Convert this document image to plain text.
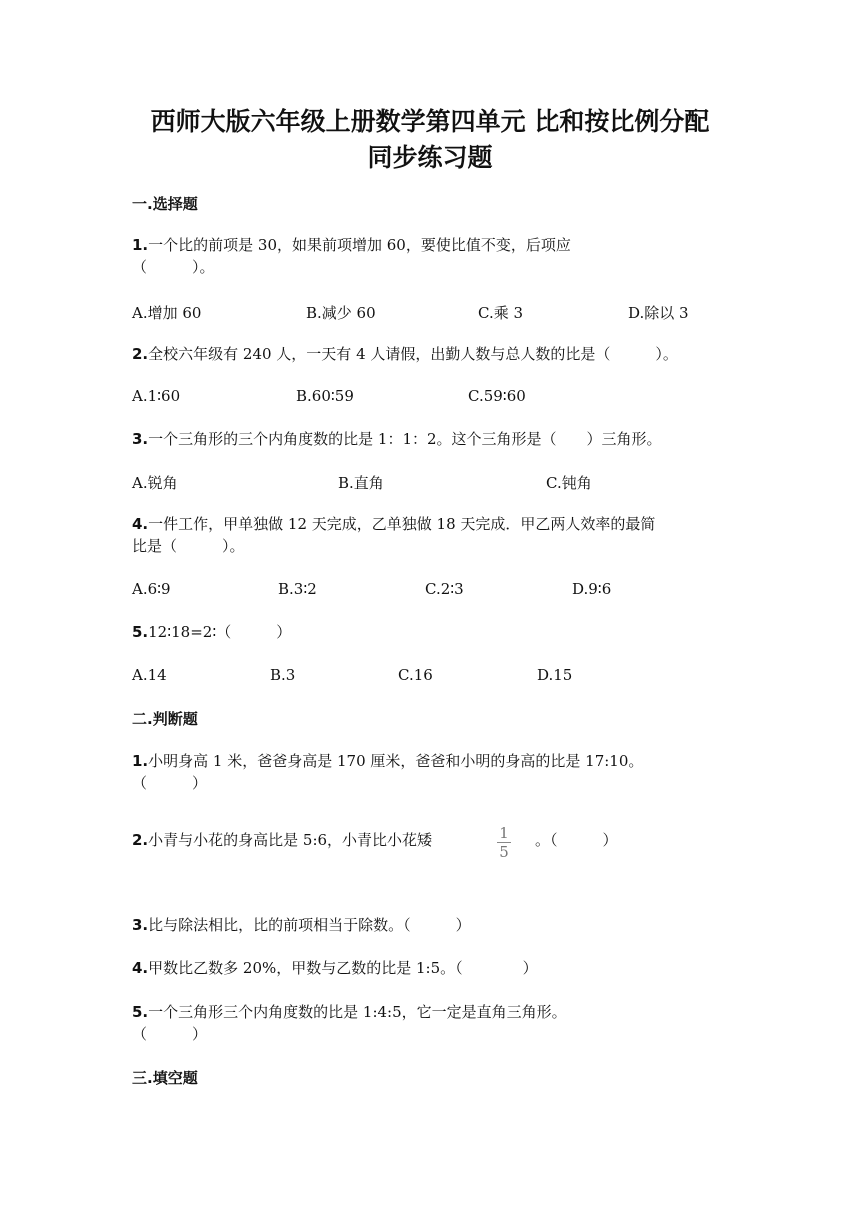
西师大版六年级上册数学第四单元 比和按比例分配
同步练习题
一.选择题
1.一个比的前项是 30，如果前项增加 60，要使比值不变，后项应
（　　　）。
A.增加 60	B.减少 60	C.乘 3	D.除以 3
2.全校六年级有 240 人，一天有 4 人请假，出勤人数与总人数的比是（　　　）。
A.1∶60	B.60∶59	C.59∶60
3.一个三角形的三个内角度数的比是 1：1：2。这个三角形是（　　）三角形。
A.锐角	B.直角	C.钝角
4.一件工作，甲单独做 12 天完成，乙单独做 18 天完成．甲乙两人效率的最简
比是（　　　）。
A.6∶9	B.3∶2	C.2∶3	D.9∶6
5.12∶18=2∶（　　　）
A.14	B.3	C.16	D.15
二.判断题
1.小明身高 1 米，爸爸身高是 170 厘米，爸爸和小明的身高的比是 17:10。
（　　　）
2.小青与小花的身高比是 5:6，小青比小花矮	1
5
。（　　　）
3.比与除法相比，比的前项相当于除数。（　　　）
4.甲数比乙数多 20%，甲数与乙数的比是 1:5。（　　　　）
5.一个三角形三个内角度数的比是 1:4:5，它一定是直角三角形。
（　　　）
三.填空题
